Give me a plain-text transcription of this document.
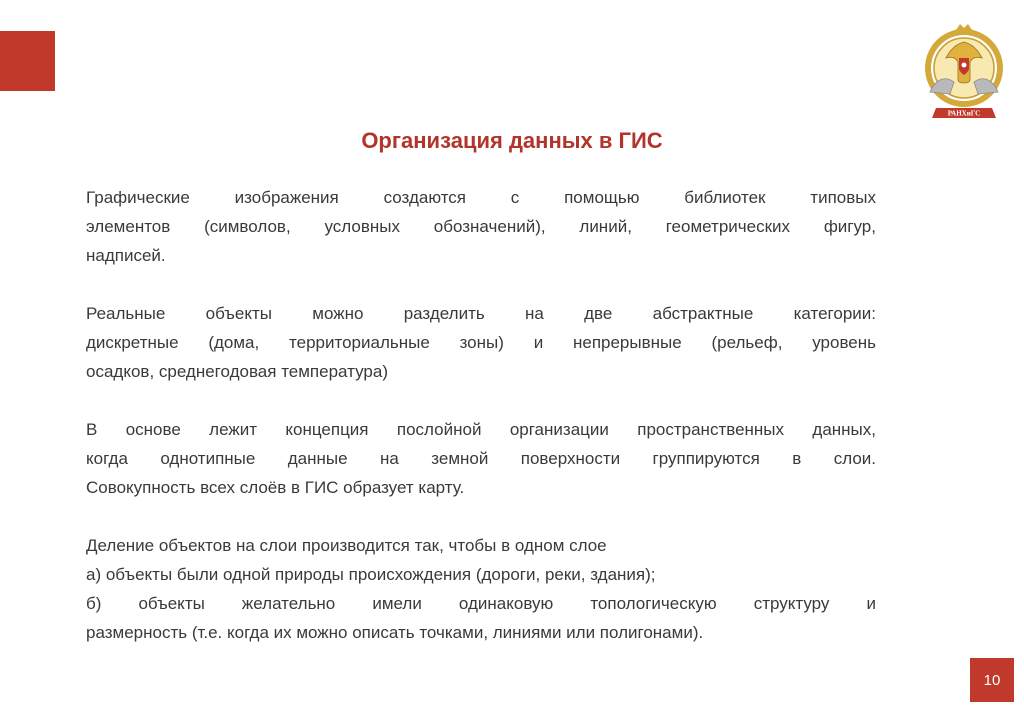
РАНХиГС
Организация данных в ГИС

Графические изображения создаются с помощью библиотек типовых
элементов (символов, условных обозначений), линий, геометрических фигур,
надписей.

Реальные объекты можно разделить на две абстрактные категории:
дискретные (дома, территориальные зоны) и непрерывные (рельеф, уровень
осадков, среднегодовая температура)

В основе лежит концепция послойной организации пространственных данных,
когда однотипные данные на земной поверхности группируются в слои.
Совокупность всех слоёв в ГИС образует карту.

Деление объектов на слои производится так, чтобы в одном слое
а) объекты были одной природы происхождения (дороги, реки, здания);
б) объекты желательно имели одинаковую топологическую структуру и
размерность (т.е. когда их можно описать точками, линиями или полигонами).

10
